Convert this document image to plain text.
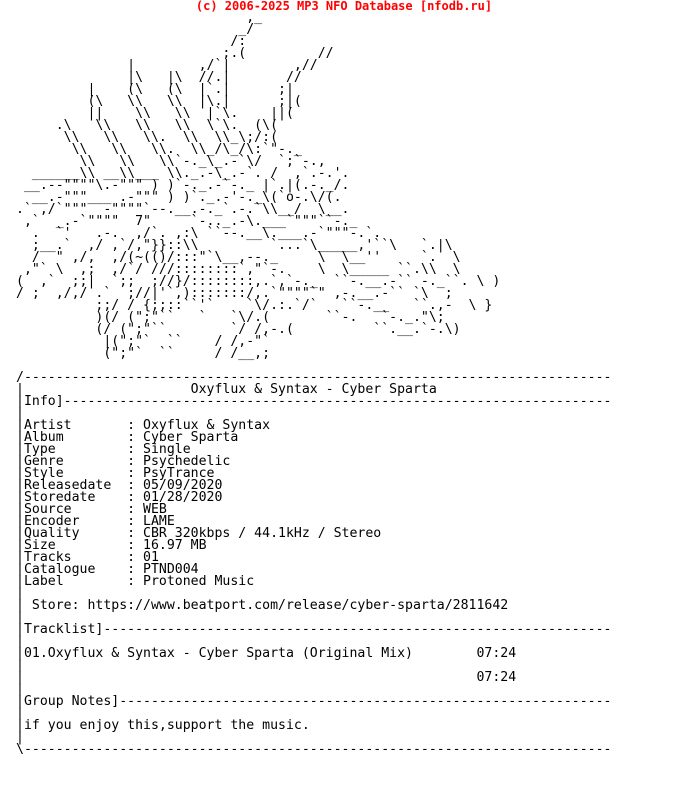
(c) 2006-2025 MP3 NFO Database [nfodb.ru]
,_
_/
/:
;.(         //
|        ,/`|        ,//
|\   |\  //.|       //
|    (\   (\  |`.|      ;|
(\   \\   \\  |\.|      ;|(
||    \\   \\  |`\.    ||(
.\   \\   \\   \\  \`\.  (\(
\\   \\   \\.  \\  \\_\;/:(
\\   \\   \\.  \\_/\_/\:`"-._
\\   \\   \\`-._\_.-`\/  `;`-.,
______\\ __\\___ \\._.-\_.-`. /  ,`.-.'.
__.--""""\.-""" ) )`-._.-`-._ |`.|(.-._/.
__.-"""___ .-""" ) )`._.-'-._\(`o-.\/(.
.` ,/`"""  -""""`--.__.-._`.-.`\\__/  \__.
,`  _.-`""""  7"     `-.._.-\.___`"""``-._
.  `'   .-.  ,/`. ,:\ ``--.__\.___.-`"""-.`.
;__.`  ,/ ,`/,"}}::\\         `...`\_____,'``\   `.|\
/  " ,/,  ,/(~(()/:::"`\__,--._     \  \__''     `.  \
,"` \  ,;  ,/`/ ///::::::::`,"`-.    \  \_____ ``.\\  \
(  ,`  ;;|  `;;  ;//}/::::::::,.`,`-._  ``-.__.-`` -._``. \ )
/ ;  ,/,/ .`  ;//|'`,):::::::/,.`""""`" ,-.__.-`` `\  ;
;;/ / {;;::``'`    `\/.:.`/`   ``-.__   ``.,-  \ }
)(/ (";"``   `   `\/.(       ``-.   `-._."\;
(/ (";"``        `/ /,-.(          ``.__.`-.\)
|(";"`  ``    / /,-"`
(";"`  ``     / /__,;
/--------------------------------------------------------------------------
|                     Oxyflux & Syntax - Cyber Sparta
|Info]---------------------------------------------------------------------
|
|Artist       : Oxyflux & Syntax
|Album        : Cyber Sparta
|Type         : Single
|Genre        : Psychedelic
|Style        : PsyTrance
|Releasedate  : 05/09/2020
|Storedate    : 01/28/2020
|Source       : WEB
|Encoder      : LAME
|Quality      : CBR 320kbps / 44.1kHz / Stereo
|Size         : 16.97 MB
|Tracks       : 01
|Catalogue    : PTND004
|Label        : Protoned Music
|
| Store: https://www.beatport.com/release/cyber-sparta/2811642
|
|Tracklist]----------------------------------------------------------------
|
|01.Oxyflux & Syntax - Cyber Sparta (Original Mix)        07:24
|
|                                                         07:24
|
|Group Notes]--------------------------------------------------------------
|
|if you enjoy this,support the music.
|
\--------------------------------------------------------------------------
